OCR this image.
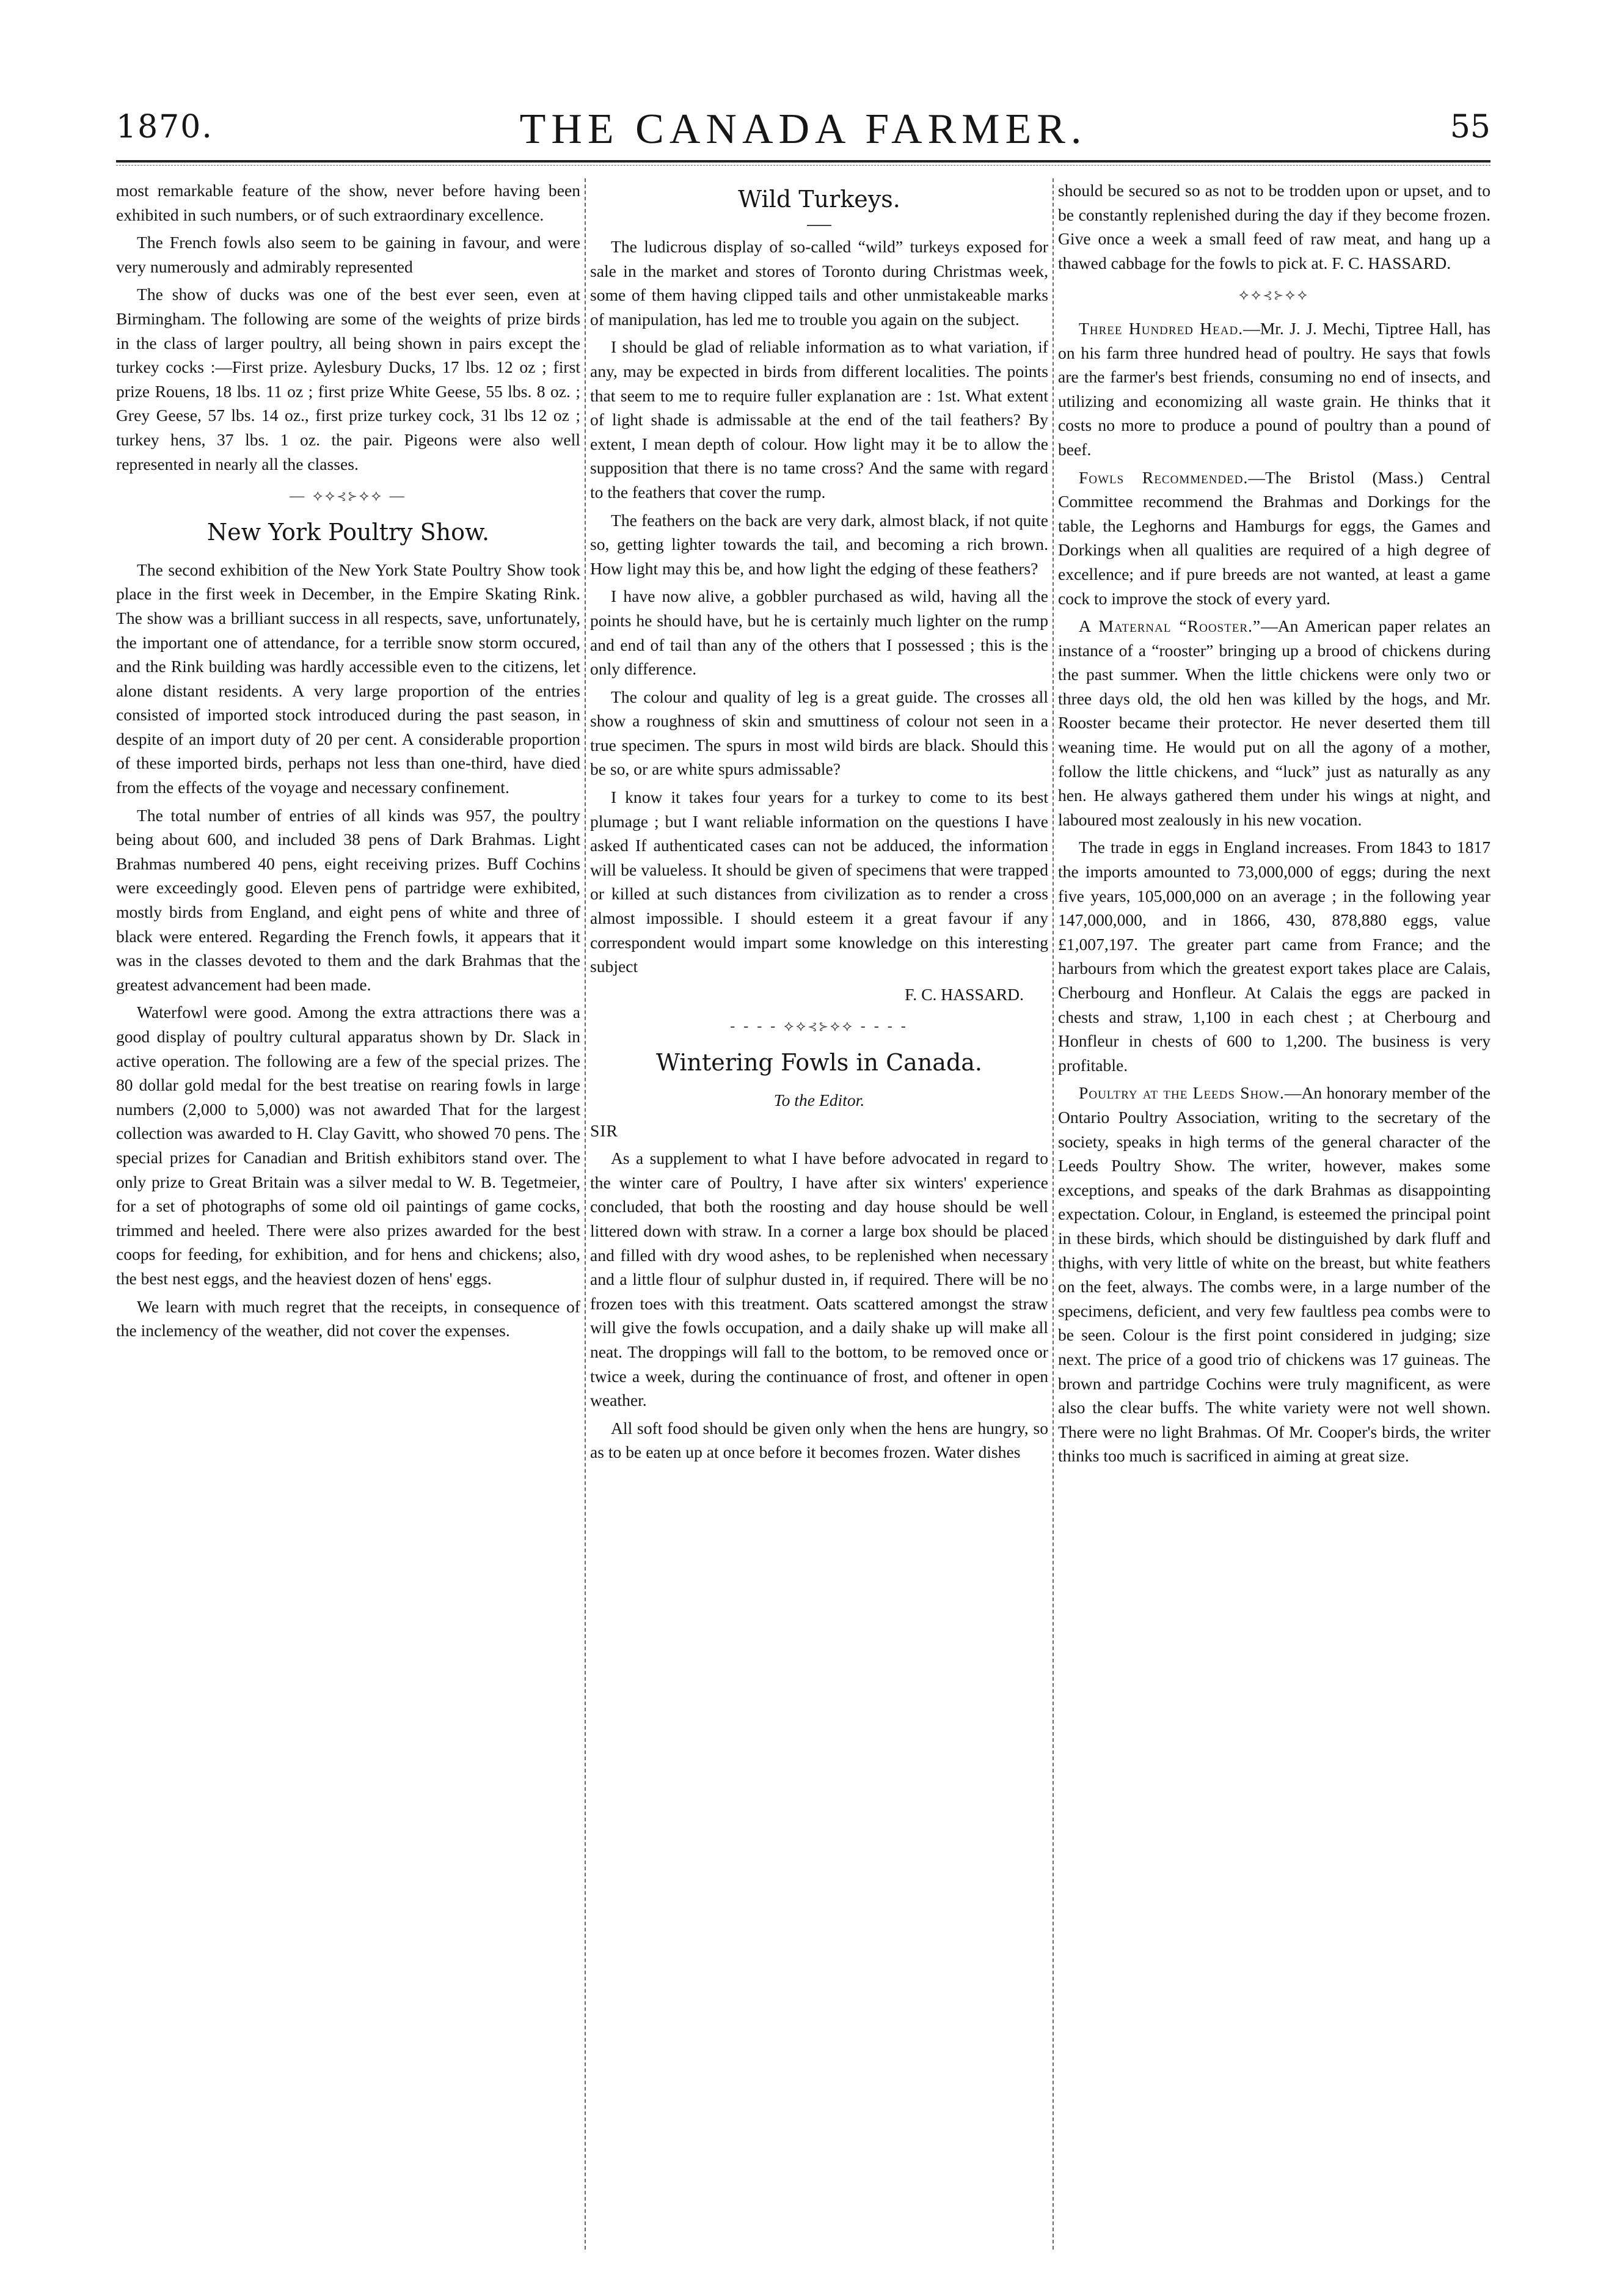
1870.	THE CANADA FARMER.	55

most remarkable feature of the show, never before having been exhibited in such numbers, or of such extraordinary excellence.

The French fowls also seem to be gaining in favour, and were very numerously and admirably represented

The show of ducks was one of the best ever seen, even at Birmingham. The following are some of the weights of prize birds in the class of larger poultry, all being shown in pairs except the turkey cocks :—First prize. Aylesbury Ducks, 17 lbs. 12 oz ; first prize Rouens, 18 lbs. 11 oz ; first prize White Geese, 55 lbs. 8 oz. ; Grey Geese, 57 lbs. 14 oz., first prize turkey cock, 31 lbs 12 oz ; turkey hens, 37 lbs. 1 oz. the pair. Pigeons were also well represented in nearly all the classes.

— ⟡⟡⊰⊱⟡⟡ —
New York Poultry Show.

The second exhibition of the New York State Poultry Show took place in the first week in December, in the Empire Skating Rink. The show was a brilliant success in all respects, save, unfortunately, the important one of attendance, for a terrible snow storm occured, and the Rink building was hardly accessible even to the citizens, let alone distant residents. A very large proportion of the entries consisted of imported stock introduced during the past season, in despite of an import duty of 20 per cent. A considerable proportion of these imported birds, perhaps not less than one-third, have died from the effects of the voyage and necessary confinement.

The total number of entries of all kinds was 957, the poultry being about 600, and included 38 pens of Dark Brahmas. Light Brahmas numbered 40 pens, eight receiving prizes. Buff Cochins were exceedingly good. Eleven pens of partridge were exhibited, mostly birds from England, and eight pens of white and three of black were entered. Regarding the French fowls, it appears that it was in the classes devoted to them and the dark Brahmas that the greatest advancement had been made.

Waterfowl were good. Among the extra attractions there was a good display of poultry cultural apparatus shown by Dr. Slack in active operation. The following are a few of the special prizes. The 80 dollar gold medal for the best treatise on rearing fowls in large numbers (2,000 to 5,000) was not awarded That for the largest collection was awarded to H. Clay Gavitt, who showed 70 pens. The special prizes for Canadian and British exhibitors stand over. The only prize to Great Britain was a silver medal to W. B. Tegetmeier, for a set of photographs of some old oil paintings of game cocks, trimmed and heeled. There were also prizes awarded for the best coops for feeding, for exhibition, and for hens and chickens; also, the best nest eggs, and the heaviest dozen of hens' eggs.

We learn with much regret that the receipts, in consequence of the inclemency of the weather, did not cover the expenses.

Wild Turkeys.

The ludicrous display of so-called “wild” turkeys exposed for sale in the market and stores of Toronto during Christmas week, some of them having clipped tails and other unmistakeable marks of manipulation, has led me to trouble you again on the subject.

I should be glad of reliable information as to what variation, if any, may be expected in birds from different localities. The points that seem to me to require fuller explanation are : 1st. What extent of light shade is admissable at the end of the tail feathers? By extent, I mean depth of colour. How light may it be to allow the supposition that there is no tame cross? And the same with regard to the feathers that cover the rump.

The feathers on the back are very dark, almost black, if not quite so, getting lighter towards the tail, and becoming a rich brown. How light may this be, and how light the edging of these feathers?

I have now alive, a gobbler purchased as wild, having all the points he should have, but he is certainly much lighter on the rump and end of tail than any of the others that I possessed ; this is the only difference.

The colour and quality of leg is a great guide. The crosses all show a roughness of skin and smuttiness of colour not seen in a true specimen. The spurs in most wild birds are black. Should this be so, or are white spurs admissable?

I know it takes four years for a turkey to come to its best plumage ; but I want reliable information on the questions I have asked If authenticated cases can not be adduced, the information will be valueless. It should be given of specimens that were trapped or killed at such distances from civilization as to render a cross almost impossible. I should esteem it a great favour if any correspondent would impart some knowledge on this interesting subject

F. C. HASSARD.

- - - - ⟡⟡⊰⊱⟡⟡ - - - -
Wintering Fowls in Canada.

To the Editor.

SIR

As a supplement to what I have before advocated in regard to the winter care of Poultry, I have after six winters' experience concluded, that both the roosting and day house should be well littered down with straw. In a corner a large box should be placed and filled with dry wood ashes, to be replenished when necessary and a little flour of sulphur dusted in, if required. There will be no frozen toes with this treatment. Oats scattered amongst the straw will give the fowls occupation, and a daily shake up will make all neat. The droppings will fall to the bottom, to be removed once or twice a week, during the continuance of frost, and oftener in open weather.

All soft food should be given only when the hens are hungry, so as to be eaten up at once before it becomes frozen. Water dishes

should be secured so as not to be trodden upon or upset, and to be constantly replenished during the day if they become frozen. Give once a week a small feed of raw meat, and hang up a thawed cabbage for the fowls to pick at. F. C. HASSARD.

⟡⟡⊰⊱⟡⟡

Three Hundred Head.—Mr. J. J. Mechi, Tiptree Hall, has on his farm three hundred head of poultry. He says that fowls are the farmer's best friends, consuming no end of insects, and utilizing and economizing all waste grain. He thinks that it costs no more to produce a pound of poultry than a pound of beef.

Fowls Recommended.—The Bristol (Mass.) Central Committee recommend the Brahmas and Dorkings for the table, the Leghorns and Hamburgs for eggs, the Games and Dorkings when all qualities are required of a high degree of excellence; and if pure breeds are not wanted, at least a game cock to improve the stock of every yard.

A Maternal “Rooster.”—An American paper relates an instance of a “rooster” bringing up a brood of chickens during the past summer. When the little chickens were only two or three days old, the old hen was killed by the hogs, and Mr. Rooster became their protector. He never deserted them till weaning time. He would put on all the agony of a mother, follow the little chickens, and “luck” just as naturally as any hen. He always gathered them under his wings at night, and laboured most zealously in his new vocation.

The trade in eggs in England increases. From 1843 to 1817 the imports amounted to 73,000,000 of eggs; during the next five years, 105,000,000 on an average ; in the following year 147,000,000, and in 1866, 430, 878,880 eggs, value £1,007,197. The greater part came from France; and the harbours from which the greatest export takes place are Calais, Cherbourg and Honfleur. At Calais the eggs are packed in chests and straw, 1,100 in each chest ; at Cherbourg and Honfleur in chests of 600 to 1,200. The business is very profitable.

Poultry at the Leeds Show.—An honorary member of the Ontario Poultry Association, writing to the secretary of the society, speaks in high terms of the general character of the Leeds Poultry Show. The writer, however, makes some exceptions, and speaks of the dark Brahmas as disappointing expectation. Colour, in England, is esteemed the principal point in these birds, which should be distinguished by dark fluff and thighs, with very little of white on the breast, but white feathers on the feet, always. The combs were, in a large number of the specimens, deficient, and very few faultless pea combs were to be seen. Colour is the first point considered in judging; size next. The price of a good trio of chickens was 17 guineas. The brown and partridge Cochins were truly magnificent, as were also the clear buffs. The white variety were not well shown. There were no light Brahmas. Of Mr. Cooper's birds, the writer thinks too much is sacrificed in aiming at great size.
